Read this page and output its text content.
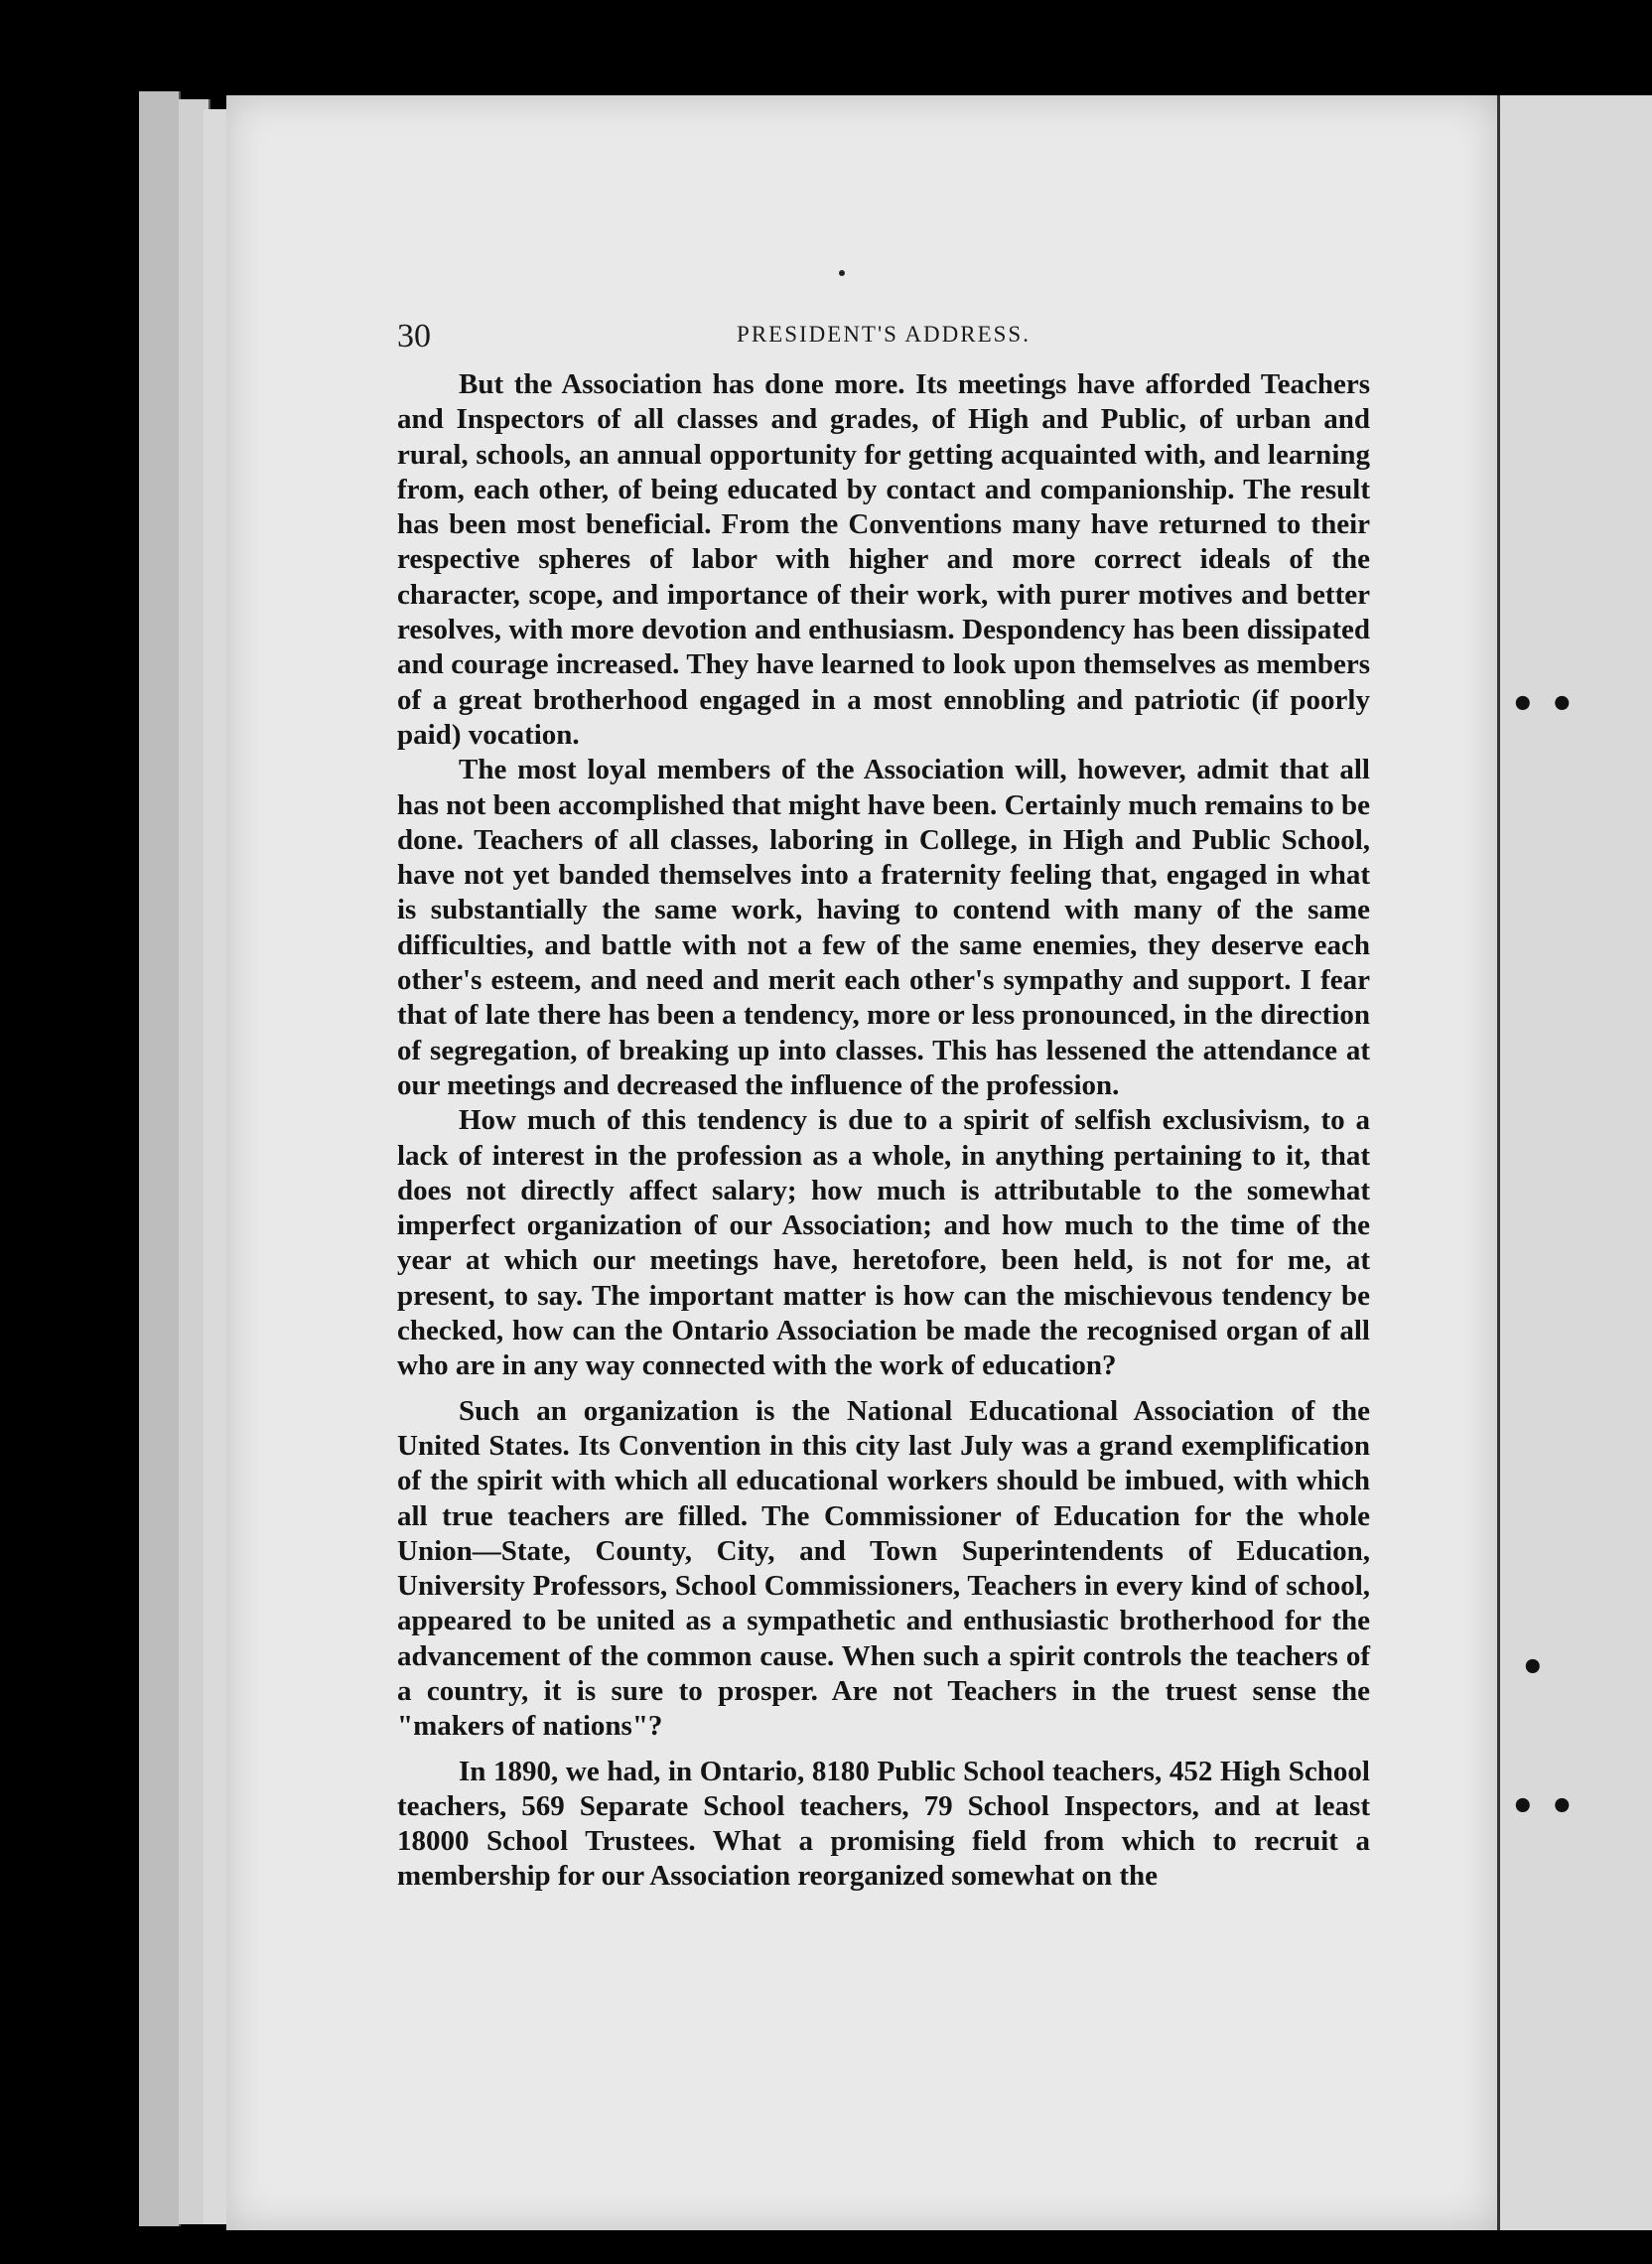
• •
•
• •
30	PRESIDENT'S ADDRESS.

But the Association has done more. Its meetings have afforded Teachers and Inspectors of all classes and grades, of High and Public, of urban and rural, schools, an annual opportunity for getting acquainted with, and learning from, each other, of being educated by contact and companionship. The result has been most beneficial. From the Conventions many have returned to their respective spheres of labor with higher and more correct ideals of the character, scope, and importance of their work, with purer motives and better resolves, with more devotion and enthusiasm. Despondency has been dissipated and courage increased. They have learned to look upon themselves as members of a great brotherhood engaged in a most ennobling and patriotic (if poorly paid) vocation.

The most loyal members of the Association will, however, admit that all has not been accomplished that might have been. Certainly much remains to be done. Teachers of all classes, laboring in College, in High and Public School, have not yet banded themselves into a fraternity feeling that, engaged in what is substantially the same work, having to contend with many of the same difficulties, and battle with not a few of the same enemies, they deserve each other's esteem, and need and merit each other's sympathy and support. I fear that of late there has been a tendency, more or less pronounced, in the direction of segregation, of breaking up into classes. This has lessened the attendance at our meetings and decreased the influence of the profession.

How much of this tendency is due to a spirit of selfish exclusivism, to a lack of interest in the profession as a whole, in anything pertaining to it, that does not directly affect salary; how much is attributable to the somewhat imperfect organization of our Association; and how much to the time of the year at which our meetings have, heretofore, been held, is not for me, at present, to say. The important matter is how can the mischievous tendency be checked, how can the Ontario Association be made the recognised organ of all who are in any way connected with the work of education?

Such an organization is the National Educational Association of the United States. Its Convention in this city last July was a grand exemplification of the spirit with which all educational workers should be imbued, with which all true teachers are filled. The Commissioner of Education for the whole Union—State, County, City, and Town Superintendents of Education, University Professors, School Commissioners, Teachers in every kind of school, appeared to be united as a sympathetic and enthusiastic brotherhood for the advancement of the common cause. When such a spirit controls the teachers of a country, it is sure to prosper. Are not Teachers in the truest sense the "makers of nations"?

In 1890, we had, in Ontario, 8180 Public School teachers, 452 High School teachers, 569 Separate School teachers, 79 School Inspectors, and at least 18000 School Trustees. What a promising field from which to recruit a membership for our Association reorganized somewhat on the
